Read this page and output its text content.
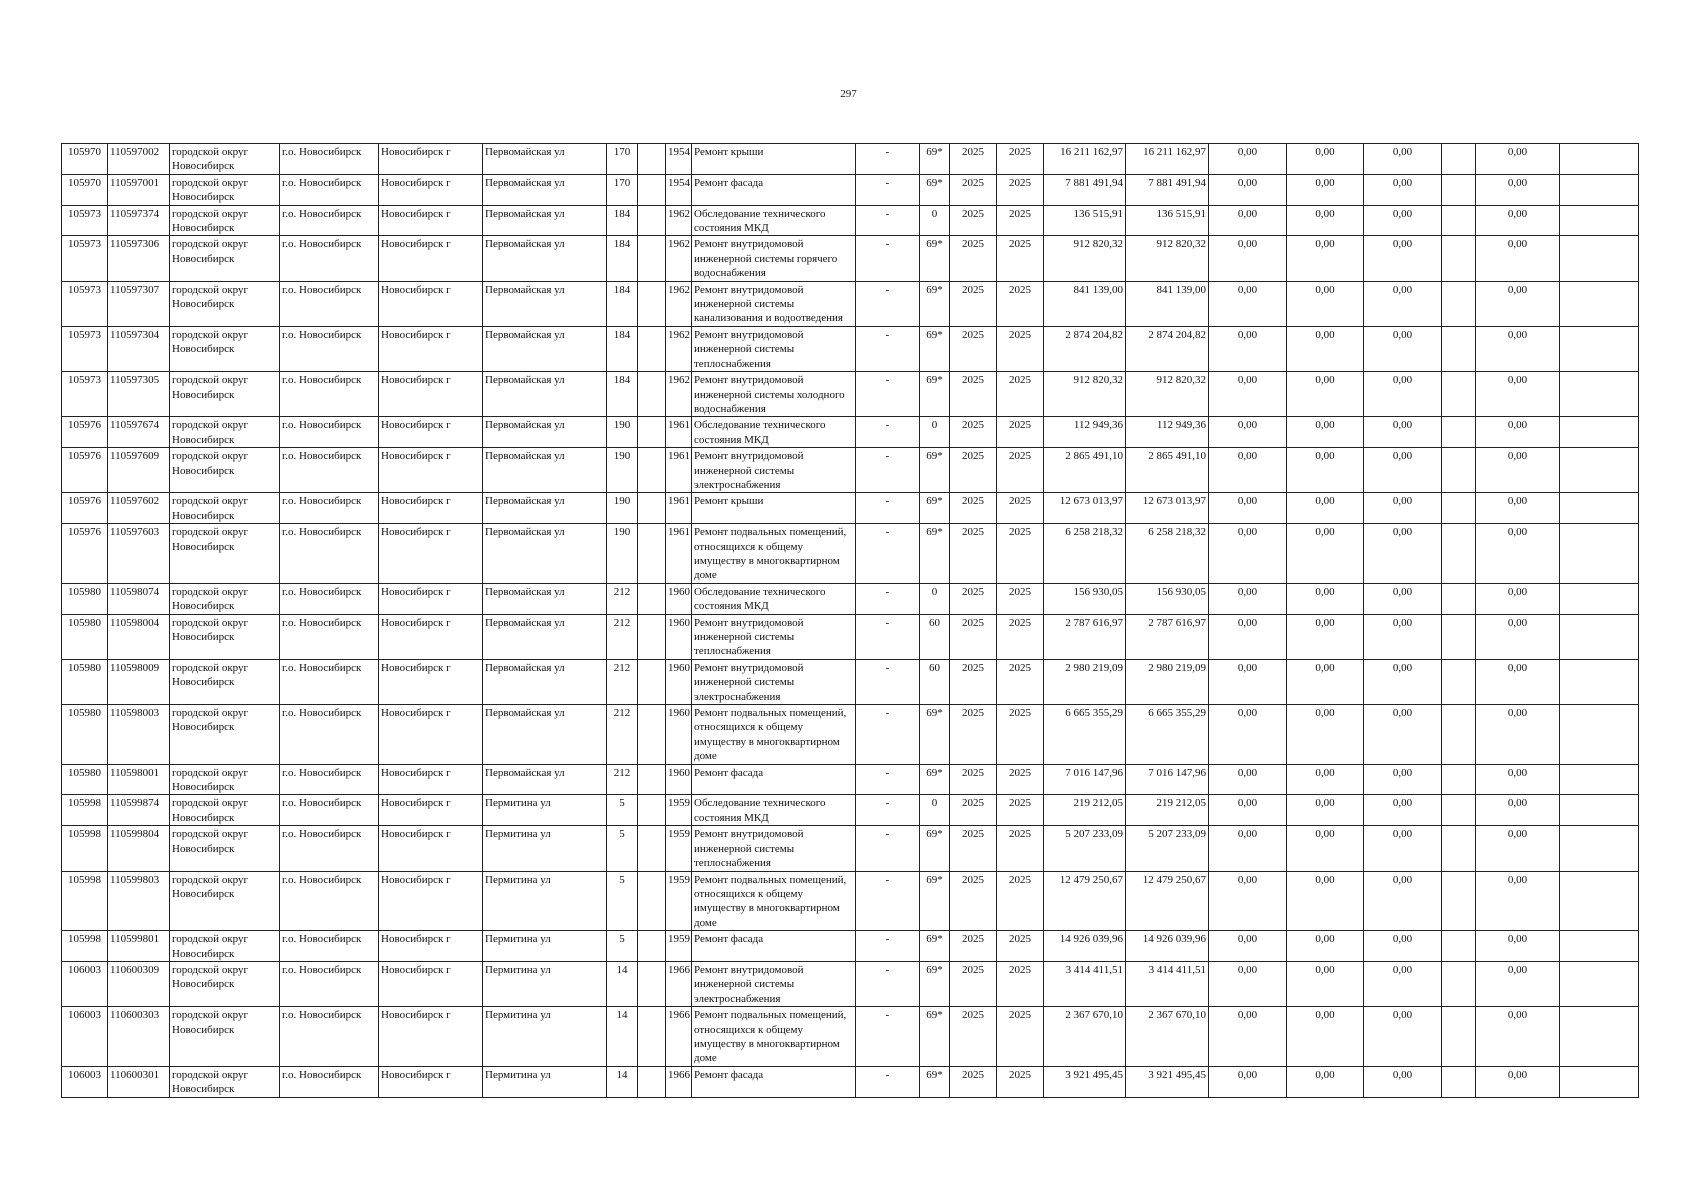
297
105970	110597002	городской округ Новосибирск	г.о. Новосибирск	Новосибирск г	Первомайская ул	170		1954	Ремонт крыши	-	69*	2025	2025	16 211 162,97	16 211 162,97	0,00	0,00	0,00		0,00	
105970	110597001	городской округ Новосибирск	г.о. Новосибирск	Новосибирск г	Первомайская ул	170		1954	Ремонт фасада	-	69*	2025	2025	7 881 491,94	7 881 491,94	0,00	0,00	0,00		0,00	
105973	110597374	городской округ Новосибирск	г.о. Новосибирск	Новосибирск г	Первомайская ул	184		1962	Обследование технического состояния МКД	-	0	2025	2025	136 515,91	136 515,91	0,00	0,00	0,00		0,00	
105973	110597306	городской округ Новосибирск	г.о. Новосибирск	Новосибирск г	Первомайская ул	184		1962	Ремонт внутридомовой инженерной системы горячего водоснабжения	-	69*	2025	2025	912 820,32	912 820,32	0,00	0,00	0,00		0,00	
105973	110597307	городской округ Новосибирск	г.о. Новосибирск	Новосибирск г	Первомайская ул	184		1962	Ремонт внутридомовой инженерной системы канализования и водоотведения	-	69*	2025	2025	841 139,00	841 139,00	0,00	0,00	0,00		0,00	
105973	110597304	городской округ Новосибирск	г.о. Новосибирск	Новосибирск г	Первомайская ул	184		1962	Ремонт внутридомовой инженерной системы теплоснабжения	-	69*	2025	2025	2 874 204,82	2 874 204,82	0,00	0,00	0,00		0,00	
105973	110597305	городской округ Новосибирск	г.о. Новосибирск	Новосибирск г	Первомайская ул	184		1962	Ремонт внутридомовой инженерной системы холодного водоснабжения	-	69*	2025	2025	912 820,32	912 820,32	0,00	0,00	0,00		0,00	
105976	110597674	городской округ Новосибирск	г.о. Новосибирск	Новосибирск г	Первомайская ул	190		1961	Обследование технического состояния МКД	-	0	2025	2025	112 949,36	112 949,36	0,00	0,00	0,00		0,00	
105976	110597609	городской округ Новосибирск	г.о. Новосибирск	Новосибирск г	Первомайская ул	190		1961	Ремонт внутридомовой инженерной системы электроснабжения	-	69*	2025	2025	2 865 491,10	2 865 491,10	0,00	0,00	0,00		0,00	
105976	110597602	городской округ Новосибирск	г.о. Новосибирск	Новосибирск г	Первомайская ул	190		1961	Ремонт крыши	-	69*	2025	2025	12 673 013,97	12 673 013,97	0,00	0,00	0,00		0,00	
105976	110597603	городской округ Новосибирск	г.о. Новосибирск	Новосибирск г	Первомайская ул	190		1961	Ремонт подвальных помещений, относящихся к общему имуществу в многоквартирном доме	-	69*	2025	2025	6 258 218,32	6 258 218,32	0,00	0,00	0,00		0,00	
105980	110598074	городской округ Новосибирск	г.о. Новосибирск	Новосибирск г	Первомайская ул	212		1960	Обследование технического состояния МКД	-	0	2025	2025	156 930,05	156 930,05	0,00	0,00	0,00		0,00	
105980	110598004	городской округ Новосибирск	г.о. Новосибирск	Новосибирск г	Первомайская ул	212		1960	Ремонт внутридомовой инженерной системы теплоснабжения	-	60	2025	2025	2 787 616,97	2 787 616,97	0,00	0,00	0,00		0,00	
105980	110598009	городской округ Новосибирск	г.о. Новосибирск	Новосибирск г	Первомайская ул	212		1960	Ремонт внутридомовой инженерной системы электроснабжения	-	60	2025	2025	2 980 219,09	2 980 219,09	0,00	0,00	0,00		0,00	
105980	110598003	городской округ Новосибирск	г.о. Новосибирск	Новосибирск г	Первомайская ул	212		1960	Ремонт подвальных помещений, относящихся к общему имуществу в многоквартирном доме	-	69*	2025	2025	6 665 355,29	6 665 355,29	0,00	0,00	0,00		0,00	
105980	110598001	городской округ Новосибирск	г.о. Новосибирск	Новосибирск г	Первомайская ул	212		1960	Ремонт фасада	-	69*	2025	2025	7 016 147,96	7 016 147,96	0,00	0,00	0,00		0,00	
105998	110599874	городской округ Новосибирск	г.о. Новосибирск	Новосибирск г	Пермитина ул	5		1959	Обследование технического состояния МКД	-	0	2025	2025	219 212,05	219 212,05	0,00	0,00	0,00		0,00	
105998	110599804	городской округ Новосибирск	г.о. Новосибирск	Новосибирск г	Пермитина ул	5		1959	Ремонт внутридомовой инженерной системы теплоснабжения	-	69*	2025	2025	5 207 233,09	5 207 233,09	0,00	0,00	0,00		0,00	
105998	110599803	городской округ Новосибирск	г.о. Новосибирск	Новосибирск г	Пермитина ул	5		1959	Ремонт подвальных помещений, относящихся к общему имуществу в многоквартирном доме	-	69*	2025	2025	12 479 250,67	12 479 250,67	0,00	0,00	0,00		0,00	
105998	110599801	городской округ Новосибирск	г.о. Новосибирск	Новосибирск г	Пермитина ул	5		1959	Ремонт фасада	-	69*	2025	2025	14 926 039,96	14 926 039,96	0,00	0,00	0,00		0,00	
106003	110600309	городской округ Новосибирск	г.о. Новосибирск	Новосибирск г	Пермитина ул	14		1966	Ремонт внутридомовой инженерной системы электроснабжения	-	69*	2025	2025	3 414 411,51	3 414 411,51	0,00	0,00	0,00		0,00	
106003	110600303	городской округ Новосибирск	г.о. Новосибирск	Новосибирск г	Пермитина ул	14		1966	Ремонт подвальных помещений, относящихся к общему имуществу в многоквартирном доме	-	69*	2025	2025	2 367 670,10	2 367 670,10	0,00	0,00	0,00		0,00	
106003	110600301	городской округ Новосибирск	г.о. Новосибирск	Новосибирск г	Пермитина ул	14		1966	Ремонт фасада	-	69*	2025	2025	3 921 495,45	3 921 495,45	0,00	0,00	0,00		0,00	
